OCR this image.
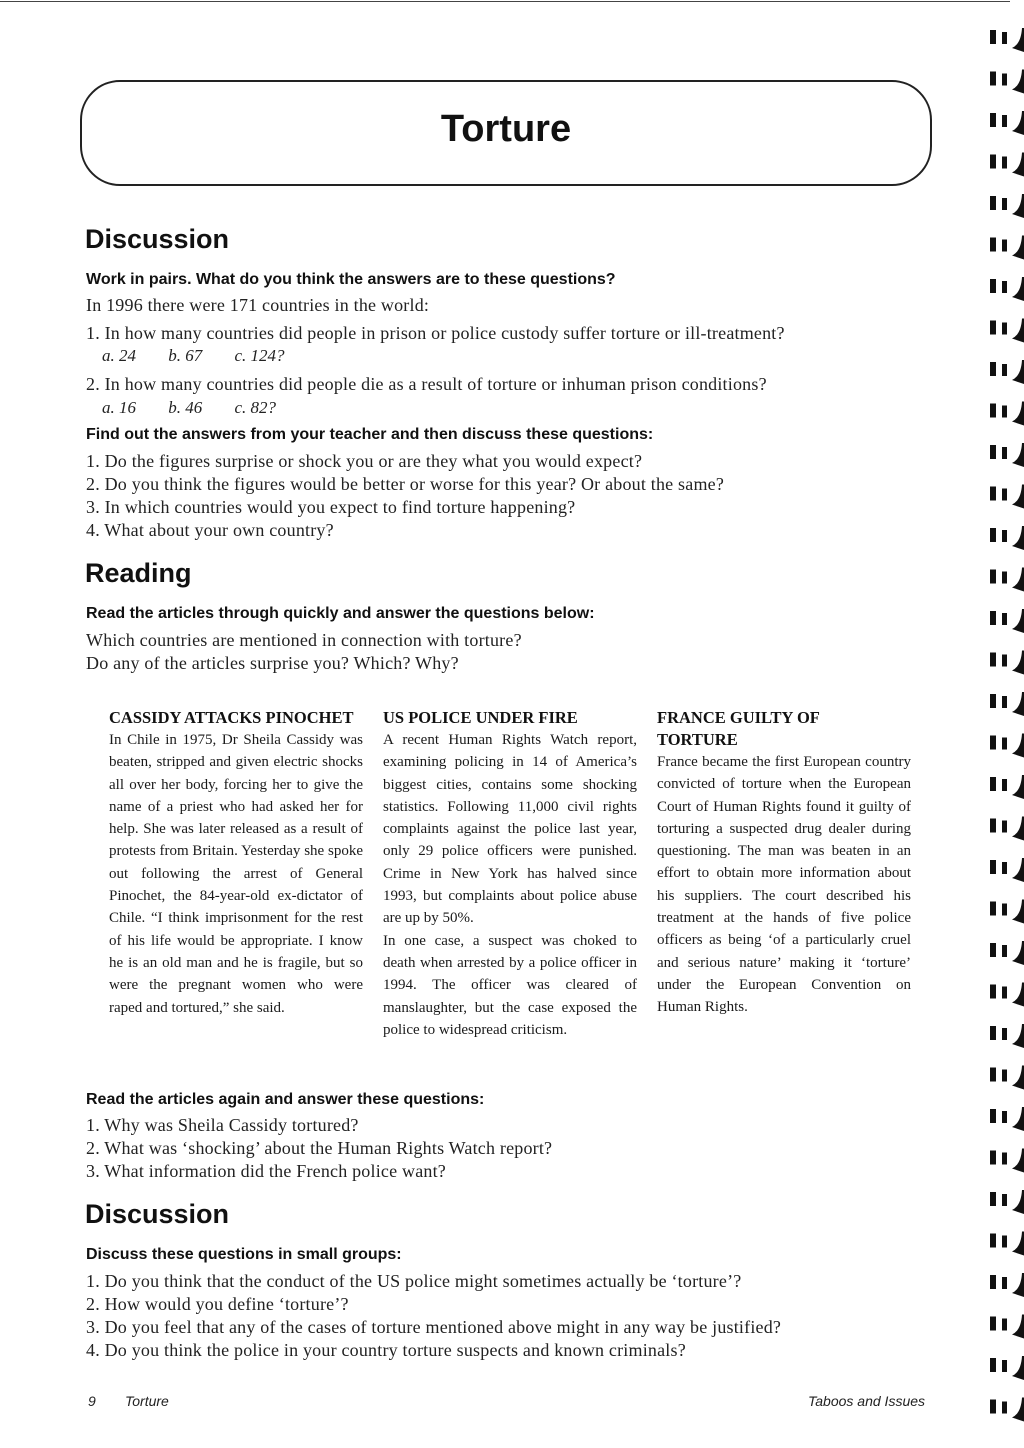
Torture
Discussion
Work in pairs. What do you think the answers are to these questions?
In 1996 there were 171 countries in the world:
1. In how many countries did people in prison or police custody suffer torture or ill-treatment?
a. 24 b. 67 c. 124?
2. In how many countries did people die as a result of torture or inhuman prison conditions?
a. 16 b. 46 c. 82?
Find out the answers from your teacher and then discuss these questions:
1. Do the figures surprise or shock you or are they what you would expect?
2. Do you think the figures would be better or worse for this year? Or about the same?
3. In which countries would you expect to find torture happening?
4. What about your own country?
Reading
Read the articles through quickly and answer the questions below:
Which countries are mentioned in connection with torture?
Do any of the articles surprise you? Which? Why?
CASSIDY ATTACKS PINOCHET
In Chile in 1975, Dr Sheila Cassidy was beaten, stripped and given electric shocks all over her body, forcing her to give the name of a priest who had asked her for help. She was later released as a result of protests from Britain. Yesterday she spoke out following the arrest of General Pinochet, the 84-year-old ex-dictator of Chile. “I think imprisonment for the rest of his life would be appropriate. I know he is an old man and he is fragile, but so were the pregnant women who were raped and tortured,” she said.
US POLICE UNDER FIRE
A recent Human Rights Watch report, examining policing in 14 of America’s biggest cities, contains some shocking statistics. Following 11,000 civil rights complaints against the police last year, only 29 police officers were punished. Crime in New York has halved since 1993, but complaints about police abuse are up by 50%.
In one case, a suspect was choked to death when arrested by a police officer in 1994. The officer was cleared of manslaughter, but the case exposed the police to widespread criticism.
FRANCE GUILTY OF TORTURE
France became the first European country convicted of torture when the European Court of Human Rights found it guilty of torturing a suspected drug dealer during questioning. The man was beaten in an effort to obtain more information about his suppliers. The court described his treatment at the hands of five police officers as being ‘of a particularly cruel and serious nature’ making it ‘torture’ under the European Convention on Human Rights.
Read the articles again and answer these questions:
1. Why was Sheila Cassidy tortured?
2. What was ‘shocking’ about the Human Rights Watch report?
3. What information did the French police want?
Discussion
Discuss these questions in small groups:
1. Do you think that the conduct of the US police might sometimes actually be ‘torture’?
2. How would you define ‘torture’?
3. Do you feel that any of the cases of torture mentioned above might in any way be justified?
4. Do you think the police in your country torture suspects and known criminals?
9 Torture	Taboos and Issues
